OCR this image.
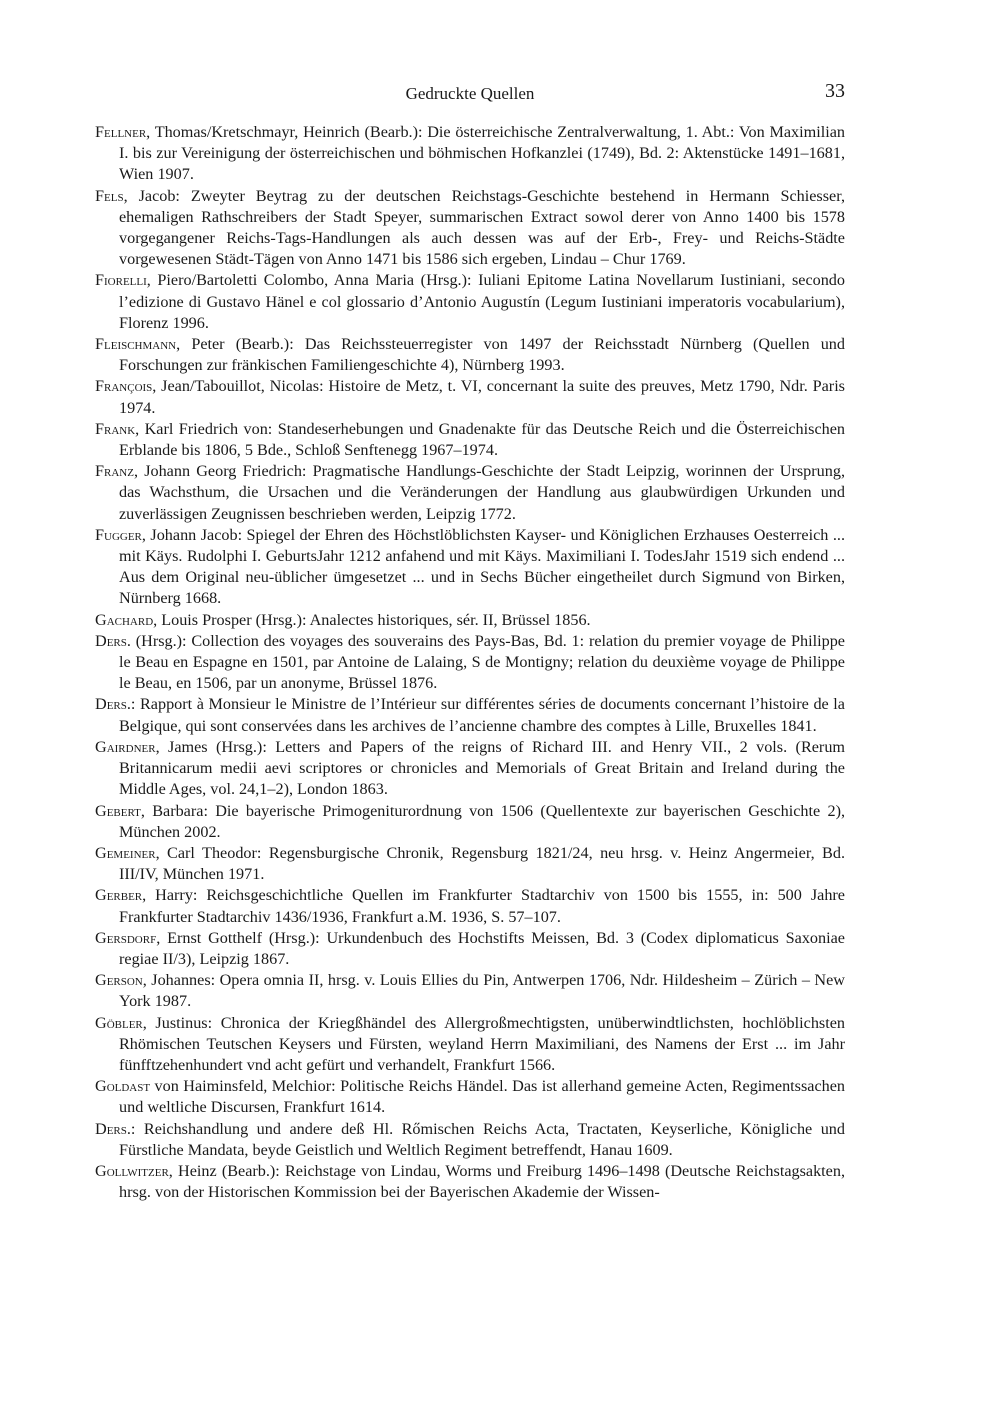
Gedruckte Quellen	33

Fellner, Thomas/Kretschmayr, Heinrich (Bearb.): Die österreichische Zentralverwaltung, 1. Abt.: Von Maximilian I. bis zur Vereinigung der österreichischen und böhmischen Hofkanzlei (1749), Bd. 2: Aktenstücke 1491–1681, Wien 1907.

Fels, Jacob: Zweyter Beytrag zu der deutschen Reichstags-Geschichte bestehend in Hermann Schiesser, ehemaligen Rathschreibers der Stadt Speyer, summarischen Extract sowol derer von Anno 1400 bis 1578 vorgegangener Reichs-Tags-Handlungen als auch dessen was auf der Erb-, Frey- und Reichs-Städte vorgewesenen Städt-Tägen von Anno 1471 bis 1586 sich ergeben, Lindau – Chur 1769.

Fiorelli, Piero/Bartoletti Colombo, Anna Maria (Hrsg.): Iuliani Epitome Latina Novellarum Iustiniani, secondo l’edizione di Gustavo Hänel e col glossario d’Antonio Augustín (Legum Iustiniani imperatoris vocabularium), Florenz 1996.

Fleischmann, Peter (Bearb.): Das Reichssteuerregister von 1497 der Reichsstadt Nürnberg (Quellen und Forschungen zur fränkischen Familiengeschichte 4), Nürnberg 1993.

François, Jean/Tabouillot, Nicolas: Histoire de Metz, t. VI, concernant la suite des preuves, Metz 1790, Ndr. Paris 1974.

Frank, Karl Friedrich von: Standeserhebungen und Gnadenakte für das Deutsche Reich und die Österreichischen Erblande bis 1806, 5 Bde., Schloß Senftenegg 1967–1974.

Franz, Johann Georg Friedrich: Pragmatische Handlungs-Geschichte der Stadt Leipzig, worinnen der Ursprung, das Wachsthum, die Ursachen und die Veränderungen der Handlung aus glaubwürdigen Urkunden und zuverlässigen Zeugnissen beschrieben werden, Leipzig 1772.

Fugger, Johann Jacob: Spiegel der Ehren des Höchstlöblichsten Kayser- und Königlichen Erzhauses Oesterreich ... mit Käys. Rudolphi I. GeburtsJahr 1212 anfahend und mit Käys. Maximiliani I. TodesJahr 1519 sich endend ... Aus dem Original neu-üblicher ümgesetzet ... und in Sechs Bücher eingetheilet durch Sigmund von Birken, Nürnberg 1668.

Gachard, Louis Prosper (Hrsg.): Analectes historiques, sér. II, Brüssel 1856.

Ders. (Hrsg.): Collection des voyages des souverains des Pays-Bas, Bd. 1: relation du premier voyage de Philippe le Beau en Espagne en 1501, par Antoine de Lalaing, S de Montigny; relation du deuxième voyage de Philippe le Beau, en 1506, par un anonyme, Brüssel 1876.

Ders.: Rapport à Monsieur le Ministre de l’Intérieur sur différentes séries de documents concernant l’histoire de la Belgique, qui sont conservées dans les archives de l’ancienne chambre des comptes à Lille, Bruxelles 1841.

Gairdner, James (Hrsg.): Letters and Papers of the reigns of Richard III. and Henry VII., 2 vols. (Rerum Britannicarum medii aevi scriptores or chronicles and Memorials of Great Britain and Ireland during the Middle Ages, vol. 24,1–2), London 1863.

Gebert, Barbara: Die bayerische Primogeniturordnung von 1506 (Quellentexte zur bayerischen Geschichte 2), München 2002.

Gemeiner, Carl Theodor: Regensburgische Chronik, Regensburg 1821/24, neu hrsg. v. Heinz Angermeier, Bd. III/IV, München 1971.

Gerber, Harry: Reichsgeschichtliche Quellen im Frankfurter Stadtarchiv von 1500 bis 1555, in: 500 Jahre Frankfurter Stadtarchiv 1436/1936, Frankfurt a.M. 1936, S. 57–107.

Gersdorf, Ernst Gotthelf (Hrsg.): Urkundenbuch des Hochstifts Meissen, Bd. 3 (Codex diplomaticus Saxoniae regiae II/3), Leipzig 1867.

Gerson, Johannes: Opera omnia II, hrsg. v. Louis Ellies du Pin, Antwerpen 1706, Ndr. Hildesheim – Zürich – New York 1987.

Göbler, Justinus: Chronica der Kriegßhändel des Allergroßmechtigsten, unüberwindtlichsten, hochlöblichsten Rhömischen Teutschen Keysers und Fürsten, weyland Herrn Maximiliani, des Namens der Erst ... im Jahr fünfftzehenhundert vnd acht gefürt und verhandelt, Frankfurt 1566.

Goldast von Haiminsfeld, Melchior: Politische Reichs Händel. Das ist allerhand gemeine Acten, Regimentssachen und weltliche Discursen, Frankfurt 1614.

Ders.: Reichshandlung und andere deß Hl. Rőmischen Reichs Acta, Tractaten, Keyserliche, Königliche und Fürstliche Mandata, beyde Geistlich und Weltlich Regiment betreffendt, Hanau 1609.

Gollwitzer, Heinz (Bearb.): Reichstage von Lindau, Worms und Freiburg 1496–1498 (Deutsche Reichstagsakten, hrsg. von der Historischen Kommission bei der Bayerischen Akademie der Wissen-
